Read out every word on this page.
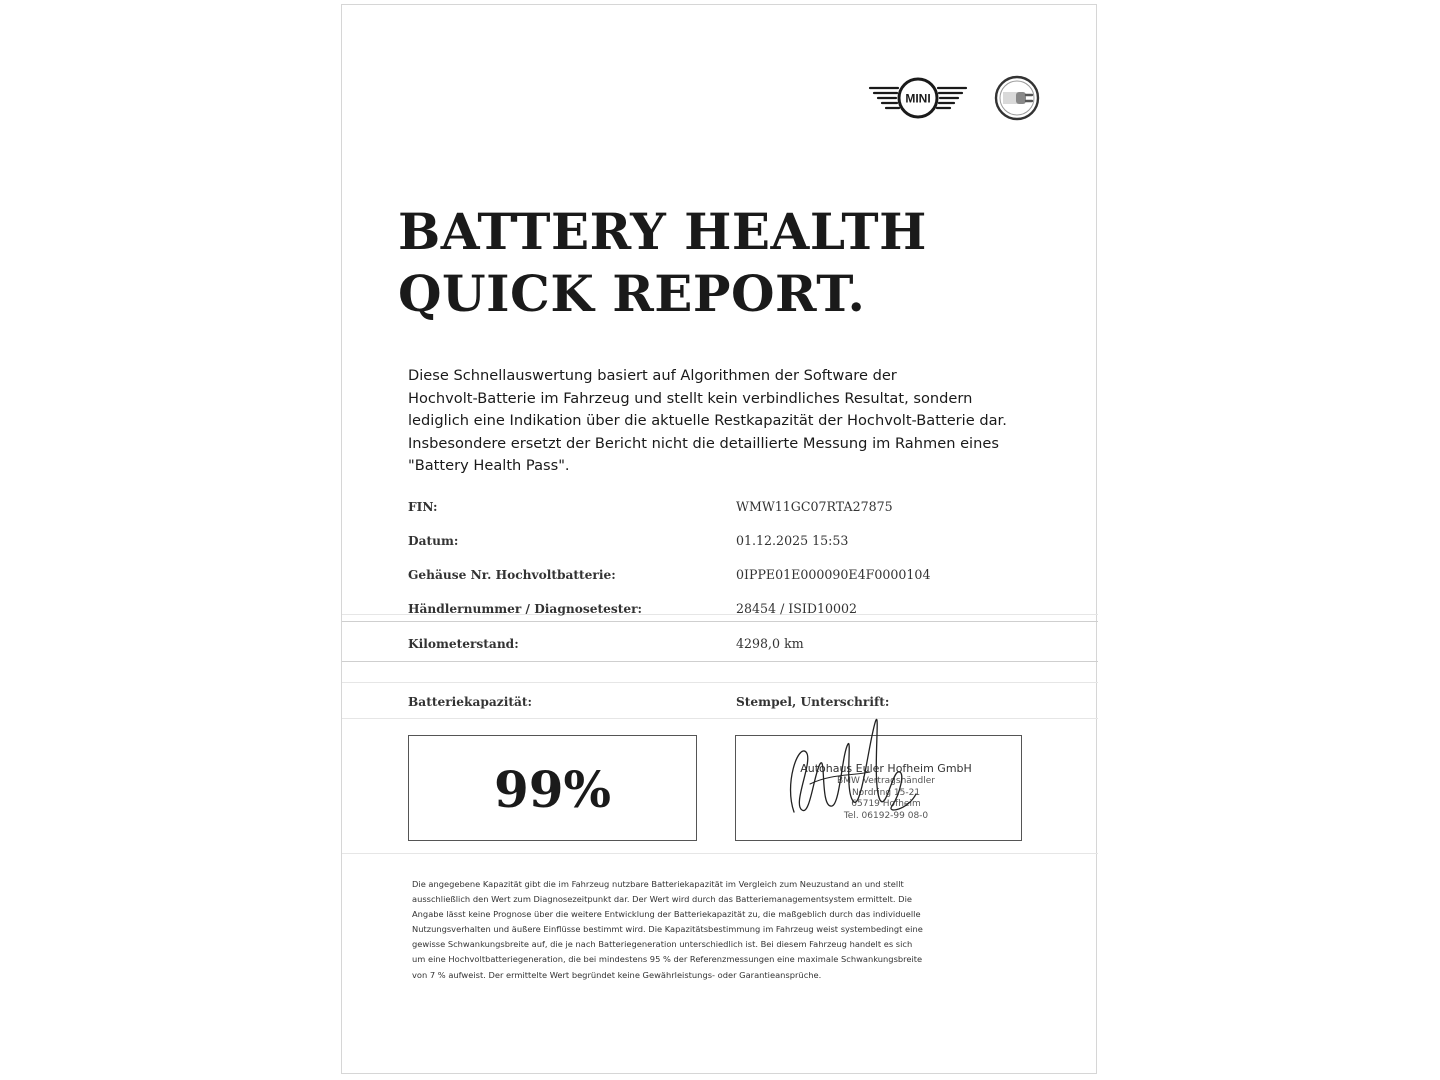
MINI
BATTERY HEALTH
QUICK REPORT.
Diese Schnellauswertung basiert auf Algorithmen der Software der
Hochvolt-Batterie im Fahrzeug und stellt kein verbindliches Resultat, sondern
lediglich eine Indikation über die aktuelle Restkapazität der Hochvolt-Batterie dar.
Insbesondere ersetzt der Bericht nicht die detaillierte Messung im Rahmen eines
"Battery Health Pass".
FIN:	WMW11GC07RTA27875
Datum:	01.12.2025 15:53
Gehäuse Nr. Hochvoltbatterie:	0IPPE01E000090E4F0000104
Händlernummer / Diagnosetester:	28454 / ISID10002
Kilometerstand:	4298,0 km
Batteriekapazität:	Stempel, Unterschrift:
99%	Autohaus Euler Hofheim GmbH
BMW Vertragshändler
Nordring 15-21
65719 Hofheim
Tel. 06192-99 08-0
Die angegebene Kapazität gibt die im Fahrzeug nutzbare Batteriekapazität im Vergleich zum Neuzustand an und stellt
ausschließlich den Wert zum Diagnosezeitpunkt dar. Der Wert wird durch das Batteriemanagementsystem ermittelt. Die
Angabe lässt keine Prognose über die weitere Entwicklung der Batteriekapazität zu, die maßgeblich durch das individuelle
Nutzungsverhalten und äußere Einflüsse bestimmt wird. Die Kapazitätsbestimmung im Fahrzeug weist systembedingt eine
gewisse Schwankungsbreite auf, die je nach Batteriegeneration unterschiedlich ist. Bei diesem Fahrzeug handelt es sich
um eine Hochvoltbatteriegeneration, die bei mindestens 95 % der Referenzmessungen eine maximale Schwankungsbreite
von 7 % aufweist. Der ermittelte Wert begründet keine Gewährleistungs- oder Garantieansprüche.
